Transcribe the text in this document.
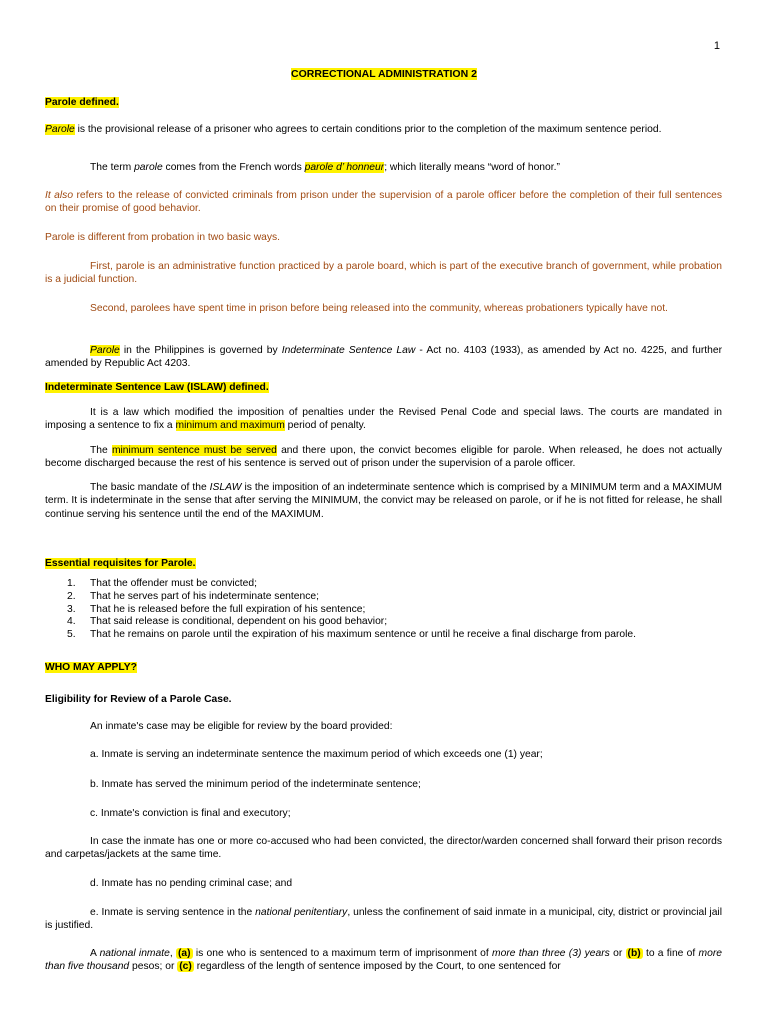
1
CORRECTIONAL ADMINISTRATION 2

Parole defined.

Parole is the provisional release of a prisoner who agrees to certain conditions prior to the completion of the maximum sentence period.

The term parole comes from the French words parole d’ honneur; which literally means “word of honor.”

It also refers to the release of convicted criminals from prison under the supervision of a parole officer before the completion of their full sentences on their promise of good behavior.

Parole is different from probation in two basic ways.

First, parole is an administrative function practiced by a parole board, which is part of the executive branch of government, while probation is a judicial function.

Second, parolees have spent time in prison before being released into the community, whereas probationers typically have not.

Parole in the Philippines is governed by Indeterminate Sentence Law - Act no. 4103 (1933), as amended by Act no. 4225, and further amended by Republic Act 4203.

Indeterminate Sentence Law (ISLAW) defined.

It is a law which modified the imposition of penalties under the Revised Penal Code and special laws. The courts are mandated in imposing a sentence to fix a minimum and maximum period of penalty.

The minimum sentence must be served and there upon, the convict becomes eligible for parole. When released, he does not actually become discharged because the rest of his sentence is served out of prison under the supervision of a parole officer.

The basic mandate of the ISLAW is the imposition of an indeterminate sentence which is comprised by a MINIMUM term and a MAXIMUM term. It is indeterminate in the sense that after serving the MINIMUM, the convict may be released on parole, or if he is not fitted for release, he shall continue serving his sentence until the end of the MAXIMUM.

Essential requisites for Parole.

1. That the offender must be convicted;
2. That he serves part of his indeterminate sentence;
3. That he is released before the full expiration of his sentence;
4. That said release is conditional, dependent on his good behavior;
5. That he remains on parole until the expiration of his maximum sentence or until he receive a final discharge from parole.

WHO MAY APPLY?

Eligibility for Review of a Parole Case.

An inmate's case may be eligible for review by the board provided:

a. Inmate is serving an indeterminate sentence the maximum period of which exceeds one (1) year;

b. Inmate has served the minimum period of the indeterminate sentence;

c. Inmate's conviction is final and executory;

In case the inmate has one or more co-accused who had been convicted, the director/warden concerned shall forward their prison records and carpetas/jackets at the same time.

d. Inmate has no pending criminal case; and

e. Inmate is serving sentence in the national penitentiary, unless the confinement of said inmate in a municipal, city, district or provincial jail is justified.

A national inmate, (a) is one who is sentenced to a maximum term of imprisonment of more than three (3) years or (b) to a fine of more than five thousand pesos; or (c) regardless of the length of sentence imposed by the Court, to one sentenced for
